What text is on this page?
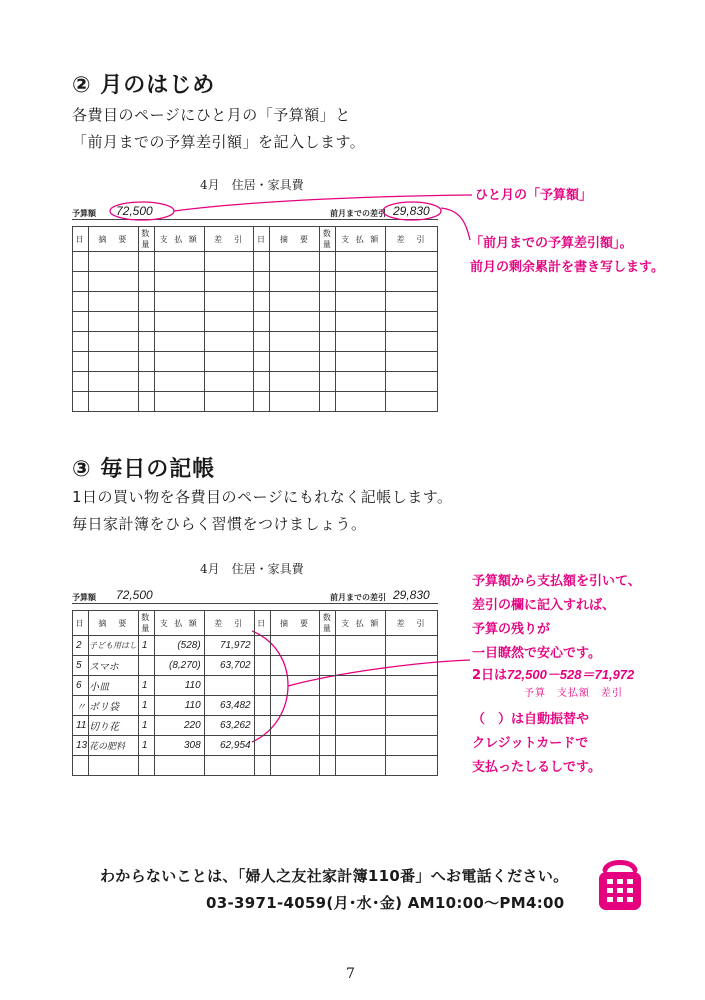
② 月のはじめ
各費目のページにひと月の「予算額」と
「前月までの予算差引額」を記入します。
4月　住居・家具費
予算額 72,500	前月までの差引 29,830
日	摘　要	数量	支 払 額	差　引	日	摘　要	数量	支 払 額	差　引

ひと月の「予算額」
「前月までの予算差引額」。
前月の剰余累計を書き写します。
③ 毎日の記帳
1日の買い物を各費目のページにもれなく記帳します。
毎日家計簿をひらく習慣をつけましょう。
4月　住居・家具費
予算額 72,500	前月までの差引 29,830
日	摘　要	数量	支 払 額	差　引	日	摘　要	数量	支 払 額	差　引
2	子ども用はし	1	(528)	71,972					
5	スマホ		(8,270)	63,702					
6	小皿	1	110						
〃	ポリ袋	1	110	63,482					
11	切り花	1	220	63,262					
13	花の肥料	1	308	62,954					

予算額から支払額を引いて、
差引の欄に記入すれば、
予算の残りが
一目瞭然で安心です。
2日は72,500－528＝71,972
予算　支払額　差引
（　）は自動振替や
クレジットカードで
支払ったしるしです。
わからないことは、「婦人之友社家計簿110番」へお電話ください。
03-3971-4059(月･水･金) AM10:00～PM4:00
7
